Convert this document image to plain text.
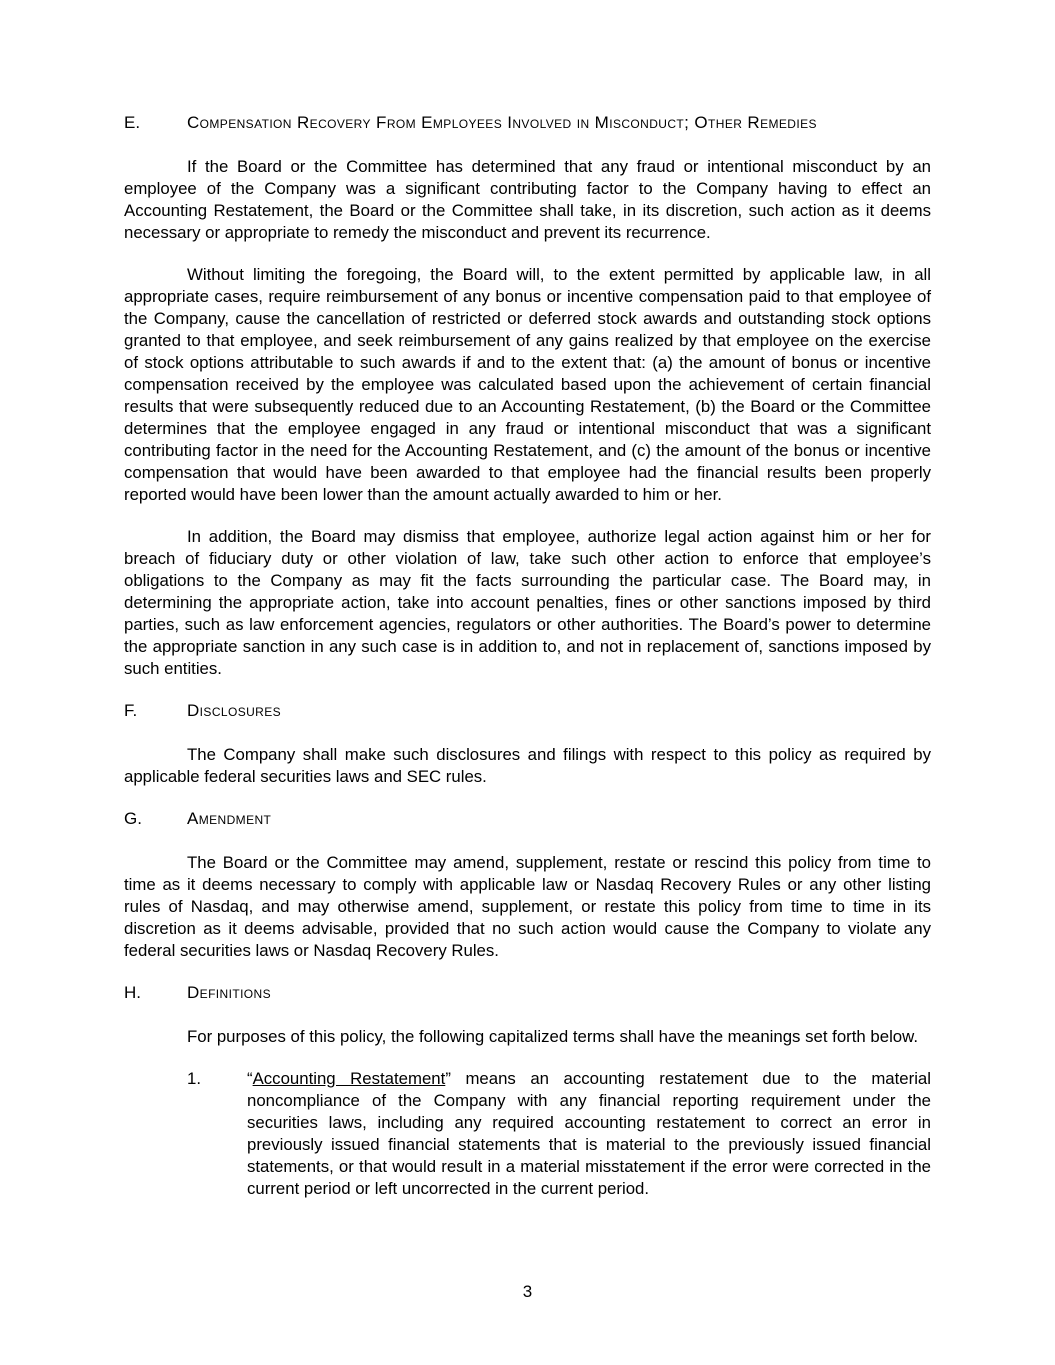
E.	Compensation Recovery From Employees Involved in Misconduct; Other Remedies

If the Board or the Committee has determined that any fraud or intentional misconduct by an employee of the Company was a significant contributing factor to the Company having to effect an Accounting Restatement, the Board or the Committee shall take, in its discretion, such action as it deems necessary or appropriate to remedy the misconduct and prevent its recurrence.

Without limiting the foregoing, the Board will, to the extent permitted by applicable law, in all appropriate cases, require reimbursement of any bonus or incentive compensation paid to that employee of the Company, cause the cancellation of restricted or deferred stock awards and outstanding stock options granted to that employee, and seek reimbursement of any gains realized by that employee on the exercise of stock options attributable to such awards if and to the extent that: (a) the amount of bonus or incentive compensation received by the employee was calculated based upon the achievement of certain financial results that were subsequently reduced due to an Accounting Restatement, (b) the Board or the Committee determines that the employee engaged in any fraud or intentional misconduct that was a significant contributing factor in the need for the Accounting Restatement, and (c) the amount of the bonus or incentive compensation that would have been awarded to that employee had the financial results been properly reported would have been lower than the amount actually awarded to him or her.

In addition, the Board may dismiss that employee, authorize legal action against him or her for breach of fiduciary duty or other violation of law, take such other action to enforce that employee’s obligations to the Company as may fit the facts surrounding the particular case. The Board may, in determining the appropriate action, take into account penalties, fines or other sanctions imposed by third parties, such as law enforcement agencies, regulators or other authorities. The Board’s power to determine the appropriate sanction in any such case is in addition to, and not in replacement of, sanctions imposed by such entities.

F.	Disclosures

The Company shall make such disclosures and filings with respect to this policy as required by applicable federal securities laws and SEC rules.

G.	Amendment

The Board or the Committee may amend, supplement, restate or rescind this policy from time to time as it deems necessary to comply with applicable law or Nasdaq Recovery Rules or any other listing rules of Nasdaq, and may otherwise amend, supplement, or restate this policy from time to time in its discretion as it deems advisable, provided that no such action would cause the Company to violate any federal securities laws or Nasdaq Recovery Rules.

H.	Definitions

For purposes of this policy, the following capitalized terms shall have the meanings set forth below.

1.	“Accounting Restatement” means an accounting restatement due to the material noncompliance of the Company with any financial reporting requirement under the securities laws, including any required accounting restatement to correct an error in previously issued financial statements that is material to the previously issued financial statements, or that would result in a material misstatement if the error were corrected in the current period or left uncorrected in the current period.
3
